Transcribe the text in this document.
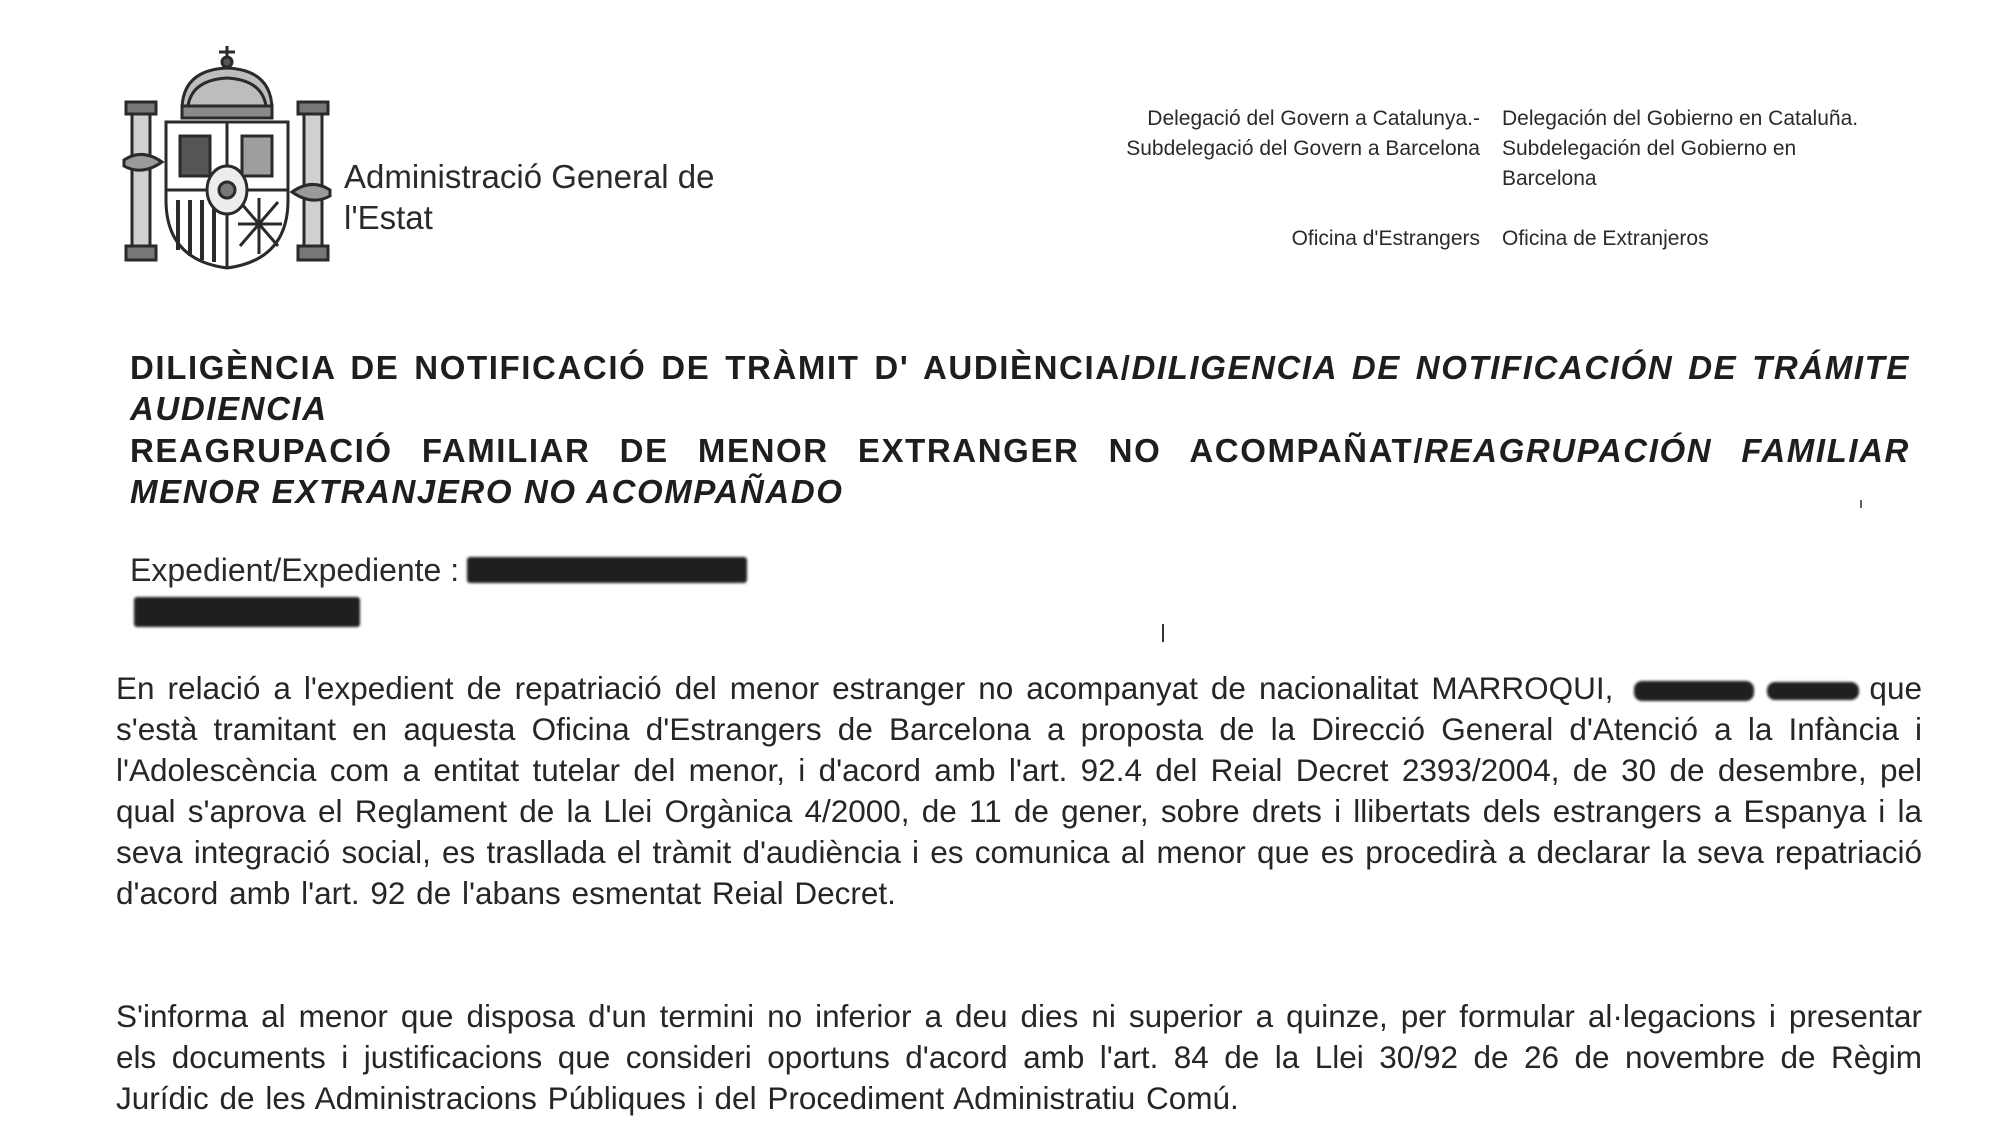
Administració General de l'Estat
Delegació del Govern a Catalunya.- Subdelegació del Govern a Barcelona
Delegación del Gobierno en Cataluña. Subdelegación del Gobierno en Barcelona
Oficina d'Estrangers Oficina de Extranjeros
DILIGÈNCIA DE NOTIFICACIÓ DE TRÀMIT D' AUDIÈNCIA/DILIGENCIA DE NOTIFICACIÓN DE TRÁMITE AUDIENCIA
REAGRUPACIÓ FAMILIAR DE MENOR EXTRANGER NO ACOMPAÑAT/REAGRUPACIÓN FAMILIAR MENOR EXTRANJERO NO ACOMPAÑADO
Expedient/Expediente :
En relació a l'expedient de repatriació del menor estranger no acompanyat de nacionalitat MARROQUI,	que s'està tramitant en aquesta Oficina d'Estrangers de Barcelona a proposta de la Direcció General d'Atenció a la Infància i l'Adolescència com a entitat tutelar del menor, i d'acord amb l'art. 92.4 del Reial Decret 2393/2004, de 30 de desembre, pel qual s'aprova el Reglament de la Llei Orgànica 4/2000, de 11 de gener, sobre drets i llibertats dels estrangers a Espanya i la seva integració social, es trasllada el tràmit d'audiència i es comunica al menor que es procedirà a declarar la seva repatriació d'acord amb l'art. 92 de l'abans esmentat Reial Decret.
S'informa al menor que disposa d'un termini no inferior a deu dies ni superior a quinze, per formular al·legacions i presentar els documents i justificacions que consideri oportuns d'acord amb l'art. 84 de la Llei 30/92 de 26 de novembre de Règim Jurídic de les Administracions Públiques i del Procediment Administratiu Comú.
